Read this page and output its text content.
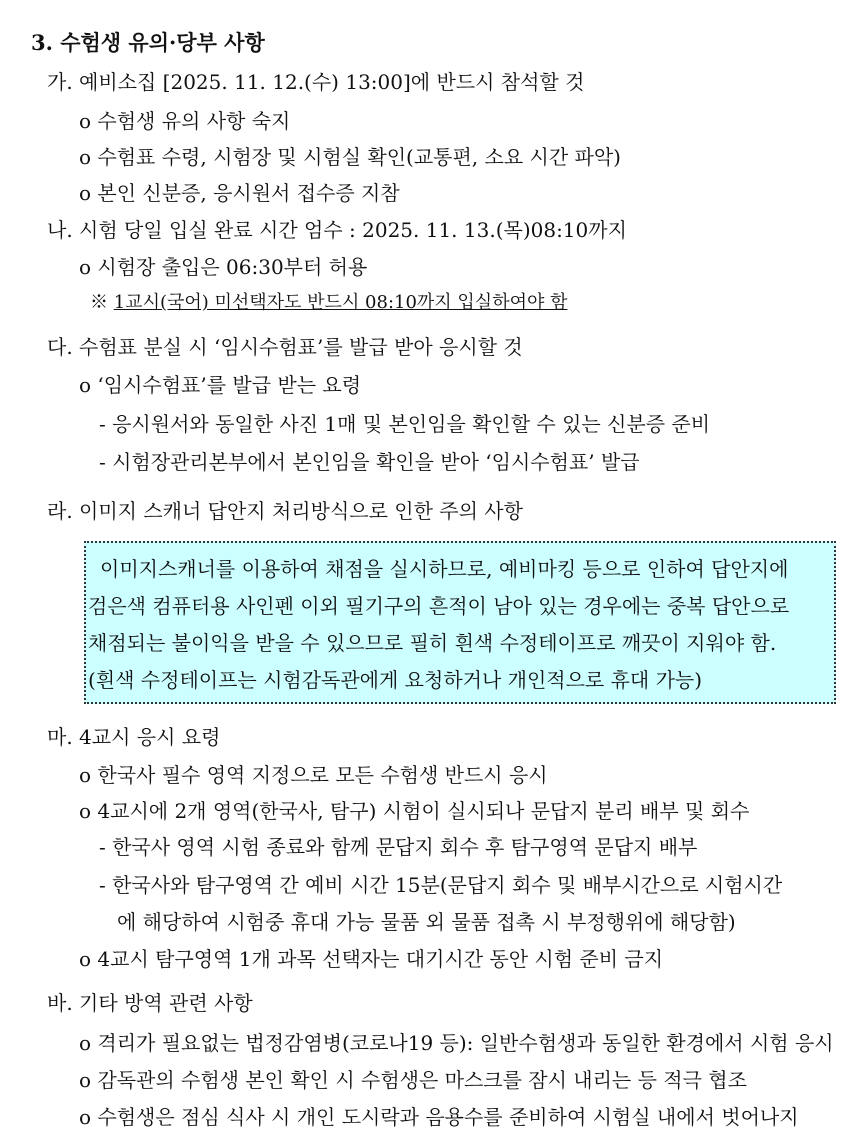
3. 수험생 유의·당부 사항
가. 예비소집 [2025. 11. 12.(수) 13:00]에 반드시 참석할 것
o 수험생 유의 사항 숙지
o 수험표 수령, 시험장 및 시험실 확인(교통편, 소요 시간 파악)
o 본인 신분증, 응시원서 접수증 지참
나. 시험 당일 입실 완료 시간 엄수 : 2025. 11. 13.(목)08:10까지
o 시험장 출입은 06:30부터 허용
※ 1교시(국어) 미선택자도 반드시 08:10까지 입실하여야 함
다. 수험표 분실 시 ‘임시수험표’를 발급 받아 응시할 것
o ‘임시수험표’를 발급 받는 요령
- 응시원서와 동일한 사진 1매 및 본인임을 확인할 수 있는 신분증 준비
- 시험장관리본부에서 본인임을 확인을 받아 ‘임시수험표’ 발급
라. 이미지 스캐너 답안지 처리방식으로 인한 주의 사항
이미지스캐너를 이용하여 채점을 실시하므로, 예비마킹 등으로 인하여 답안지에
검은색 컴퓨터용 사인펜 이외 필기구의 흔적이 남아 있는 경우에는 중복 답안으로
채점되는 불이익을 받을 수 있으므로 필히 흰색 수정테이프로 깨끗이 지워야 함.
(흰색 수정테이프는 시험감독관에게 요청하거나 개인적으로 휴대 가능)
마. 4교시 응시 요령
o 한국사 필수 영역 지정으로 모든 수험생 반드시 응시
o 4교시에 2개 영역(한국사, 탐구) 시험이 실시되나 문답지 분리 배부 및 회수
- 한국사 영역 시험 종료와 함께 문답지 회수 후 탐구영역 문답지 배부
- 한국사와 탐구영역 간 예비 시간 15분(문답지 회수 및 배부시간으로 시험시간
에 해당하여 시험중 휴대 가능 물품 외 물품 접촉 시 부정행위에 해당함)
o 4교시 탐구영역 1개 과목 선택자는 대기시간 동안 시험 준비 금지
바. 기타 방역 관련 사항
o 격리가 필요없는 법정감염병(코로나19 등): 일반수험생과 동일한 환경에서 시험 응시
o 감독관의 수험생 본인 확인 시 수험생은 마스크를 잠시 내리는 등 적극 협조
o 수험생은 점심 식사 시 개인 도시락과 음용수를 준비하여 시험실 내에서 벗어나지
